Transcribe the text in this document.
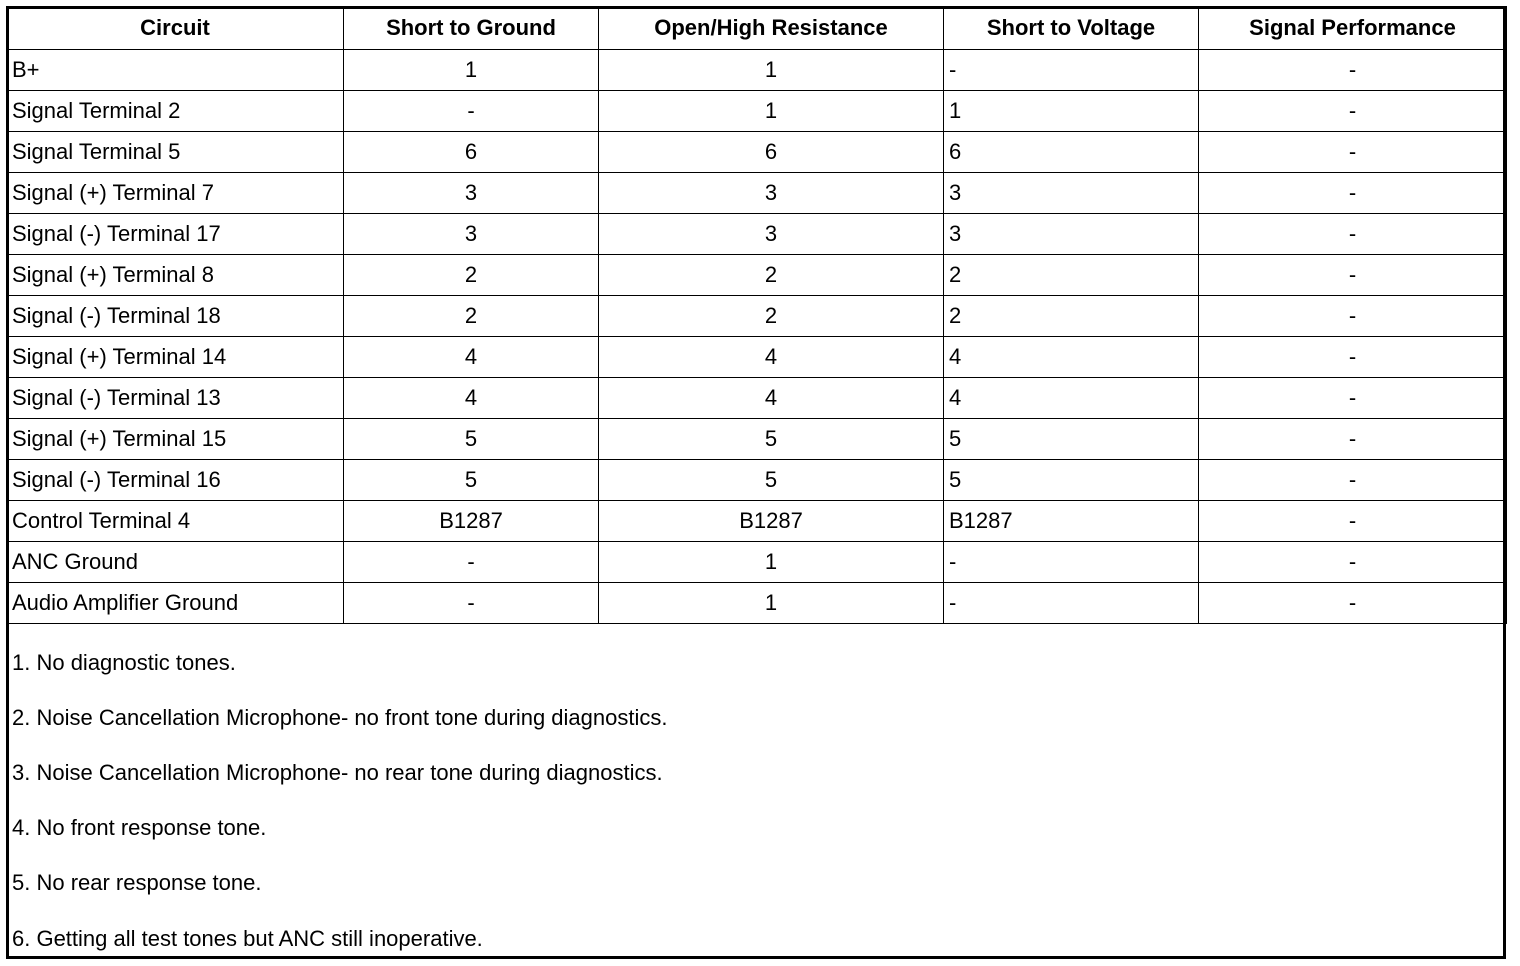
Circuit	Short to Ground	Open/High Resistance	Short to Voltage	Signal Performance
B+	1	1	-	-
Signal Terminal 2	-	1	1	-
Signal Terminal 5	6	6	6	-
Signal (+) Terminal 7	3	3	3	-
Signal (-) Terminal 17	3	3	3	-
Signal (+) Terminal 8	2	2	2	-
Signal (-) Terminal 18	2	2	2	-
Signal (+) Terminal 14	4	4	4	-
Signal (-) Terminal 13	4	4	4	-
Signal (+) Terminal 15	5	5	5	-
Signal (-) Terminal 16	5	5	5	-
Control Terminal 4	B1287	B1287	B1287	-
ANC Ground	-	1	-	-
Audio Amplifier Ground	-	1	-	-
1. No diagnostic tones.
2. Noise Cancellation Microphone- no front tone during diagnostics.
3. Noise Cancellation Microphone- no rear tone during diagnostics.
4. No front response tone.
5. No rear response tone.
6. Getting all test tones but ANC still inoperative.
